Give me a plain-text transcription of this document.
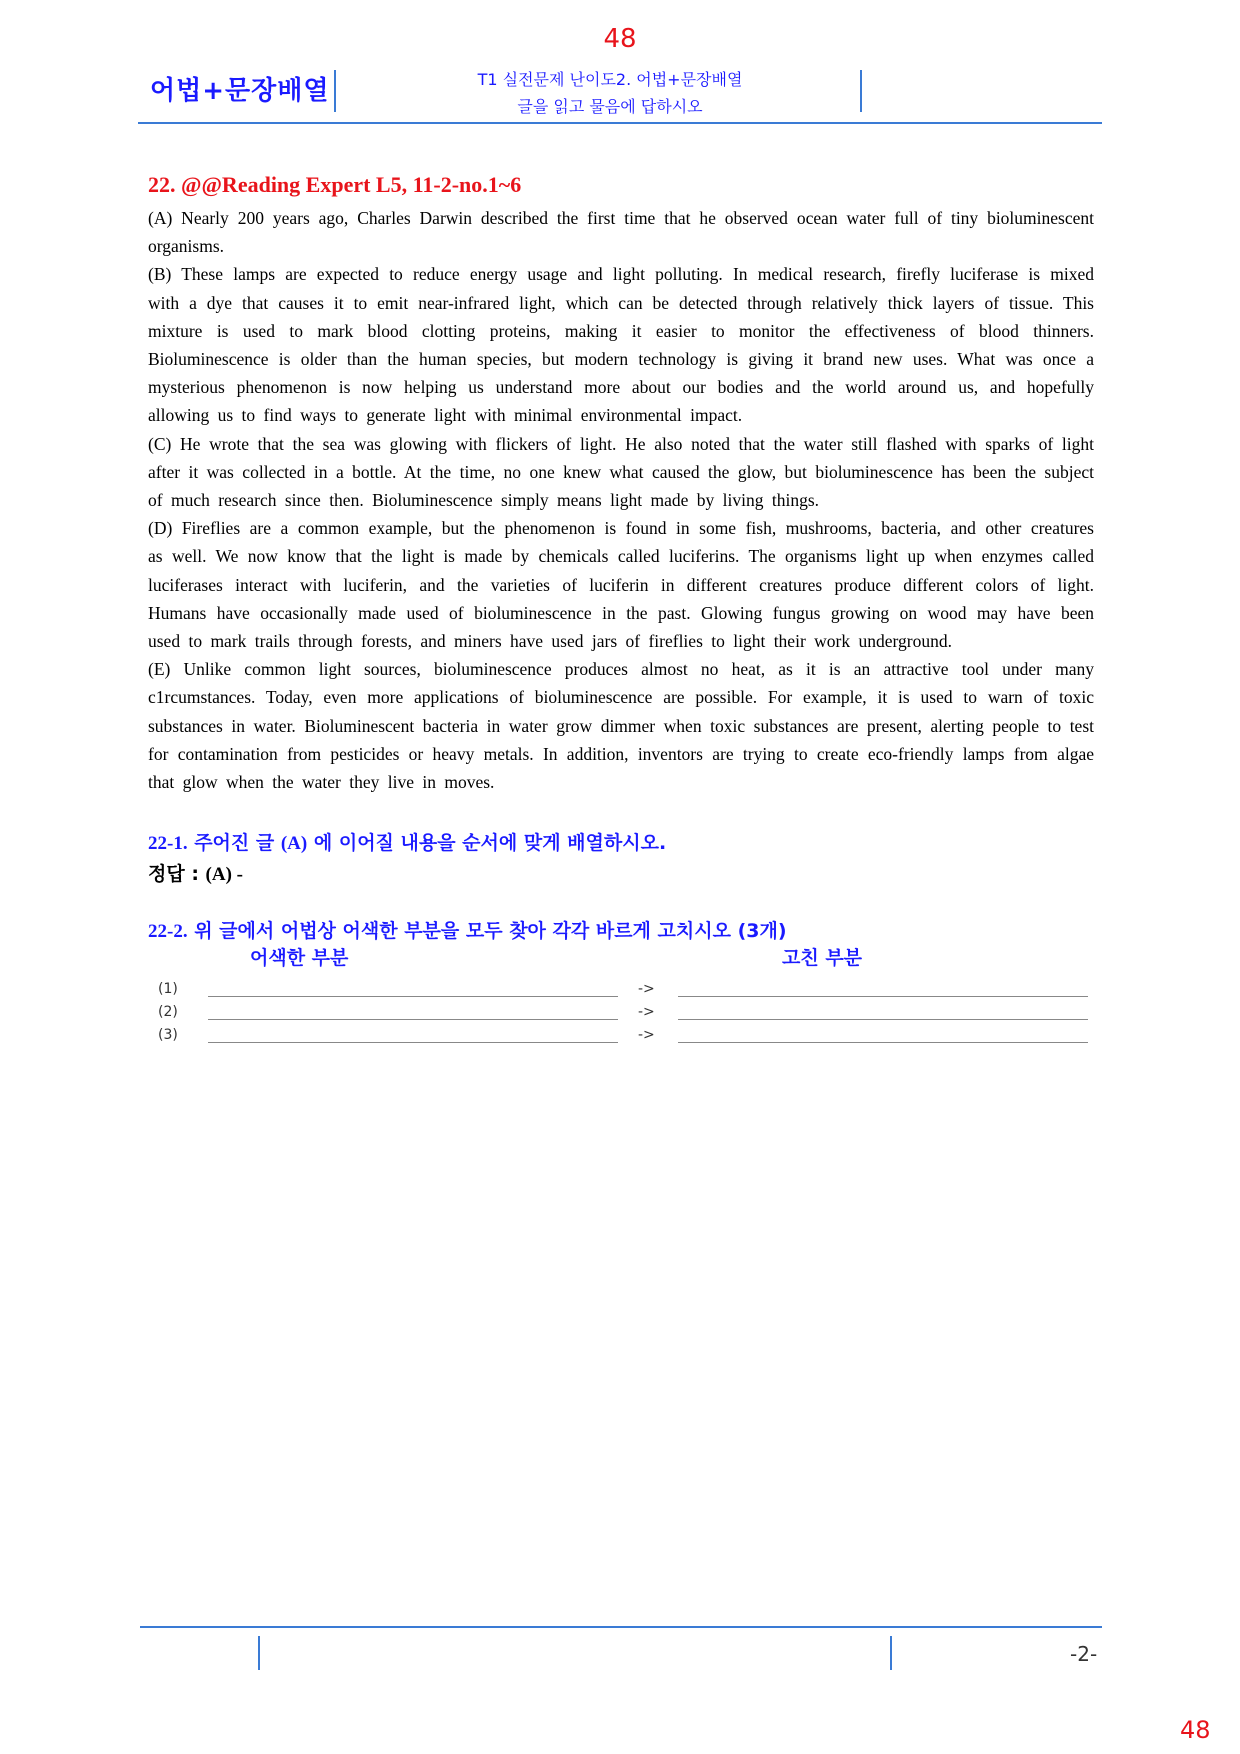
48
어법+문장배열	T1 실전문제 난이도2. 어법+문장배열
글을 읽고 물음에 답하시오
22. @@Reading Expert L5, 11-2-no.1~6

(A) Nearly 200 years ago, Charles Darwin described the first time that he observed ocean water full of tiny bioluminescent organisms.

(B) These lamps are expected to reduce energy usage and light polluting. In medical research, firefly luciferase is mixed with a dye that causes it to emit near-infrared light, which can be detected through relatively thick layers of tissue. This mixture is used to mark blood clotting proteins, making it easier to monitor the effectiveness of blood thinners. Bioluminescence is older than the human species, but modern technology is giving it brand new uses. What was once a mysterious phenomenon is now helping us understand more about our bodies and the world around us, and hopefully allowing us to find ways to generate light with minimal environmental impact.

(C) He wrote that the sea was glowing with flickers of light. He also noted that the water still flashed with sparks of light after it was collected in a bottle. At the time, no one knew what caused the glow, but bioluminescence has been the subject of much research since then. Bioluminescence simply means light made by living things.

(D) Fireflies are a common example, but the phenomenon is found in some fish, mushrooms, bacteria, and other creatures as well. We now know that the light is made by chemicals called luciferins. The organisms light up when enzymes called luciferases interact with luciferin, and the varieties of luciferin in different creatures produce different colors of light. Humans have occasionally made used of bioluminescence in the past. Glowing fungus growing on wood may have been used to mark trails through forests, and miners have used jars of fireflies to light their work underground.

(E) Unlike common light sources, bioluminescence produces almost no heat, as it is an attractive tool under many c1rcumstances. Today, even more applications of bioluminescence are possible. For example, it is used to warn of toxic substances in water. Bioluminescent bacteria in water grow dimmer when toxic substances are present, alerting people to test for contamination from pesticides or heavy metals. In addition, inventors are trying to create eco-friendly lamps from algae that glow when the water they live in moves.

22-1. 주어진 글 (A) 에 이어질 내용을 순서에 맞게 배열하시오.
정답 : (A) -
22-2. 위 글에서 어법상 어색한 부분을 모두 찾아 각각 바르게 고치시오 (3개)
어색한 부분	고친 부분
(1)	->
(2)	->
(3)	->
-2-
48
